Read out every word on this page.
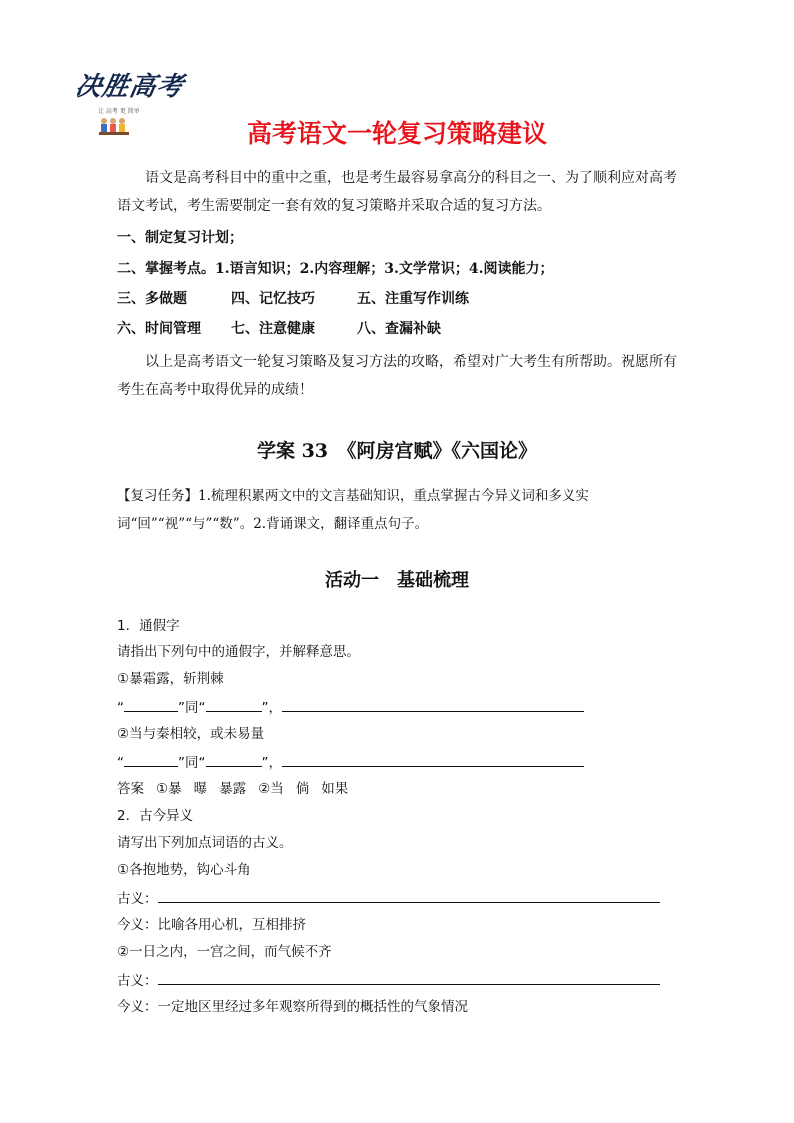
决胜高考
让 高考 更 简单
高考语文一轮复习策略建议

语文是高考科目中的重中之重，也是考生最容易拿高分的科目之一、为了顺利应对高考语文考试，考生需要制定一套有效的复习策略并采取合适的复习方法。

一、制定复习计划；

二、掌握考点。1.语言知识；2.内容理解；3.文学常识；4.阅读能力；

三、多做题	四、记忆技巧	五、注重写作训练

六、时间管理 七、注意健康	八、查漏补缺

以上是高考语文一轮复习策略及复习方法的攻略，希望对广大考生有所帮助。祝愿所有考生在高考中取得优异的成绩！

学案 33　《阿房宫赋》《六国论》

【复习任务】1.梳理积累两文中的文言基础知识，重点掌握古今异义词和多义实词“回”“视”“与”“数”。2.背诵课文，翻译重点句子。

活动一　基础梳理

1．通假字

请指出下列句中的通假字，并解释意思。

①暴霜露，斩荆棘

“	”同“	”，

②当与秦相较，或未易量

“	”同“	”，

答案 ①暴 曝 暴露 ②当 倘 如果

2．古今异义

请写出下列加点词语的古义。

①各抱地势，钩心斗角

古义：

今义：比喻各用心机，互相排挤

②一日之内，一宫之间，而气候不齐

古义：

今义：一定地区里经过多年观察所得到的概括性的气象情况
